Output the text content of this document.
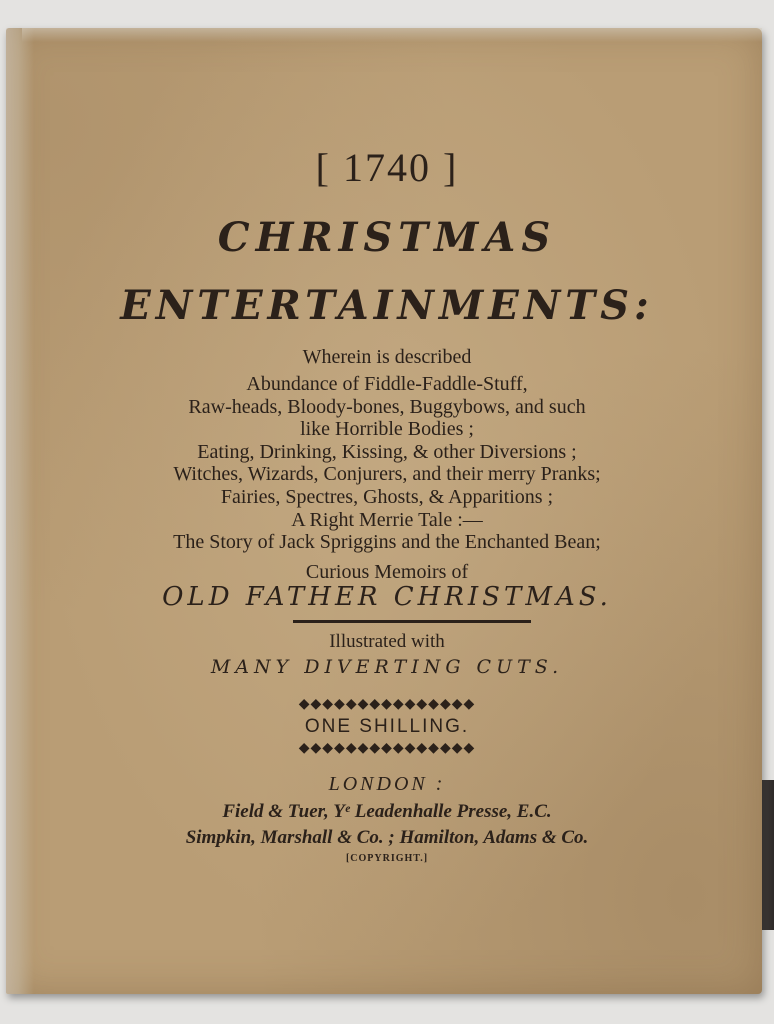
[ 1740 ]
CHRISTMAS
ENTERTAINMENTS:
Wherein is described
Abundance of Fiddle-Faddle-Stuff,
Raw-heads, Bloody-bones, Buggybows, and such
like Horrible Bodies ;
Eating, Drinking, Kissing, & other Diversions ;
Witches, Wizards, Conjurers, and their merry Pranks;
Fairies, Spectres, Ghosts, & Apparitions ;
A Right Merrie Tale :—
The Story of Jack Spriggins and the Enchanted Bean;
Curious Memoirs of
OLD FATHER CHRISTMAS.
Illustrated with
MANY DIVERTING CUTS.
◆◆◆◆◆◆◆◆◆◆◆◆◆◆◆
ONE SHILLING.
◆◆◆◆◆◆◆◆◆◆◆◆◆◆◆
LONDON :
Field & Tuer, Yᵉ Leadenhalle Presse, E.C.
Simpkin, Marshall & Co. ; Hamilton, Adams & Co.
[COPYRIGHT.]
